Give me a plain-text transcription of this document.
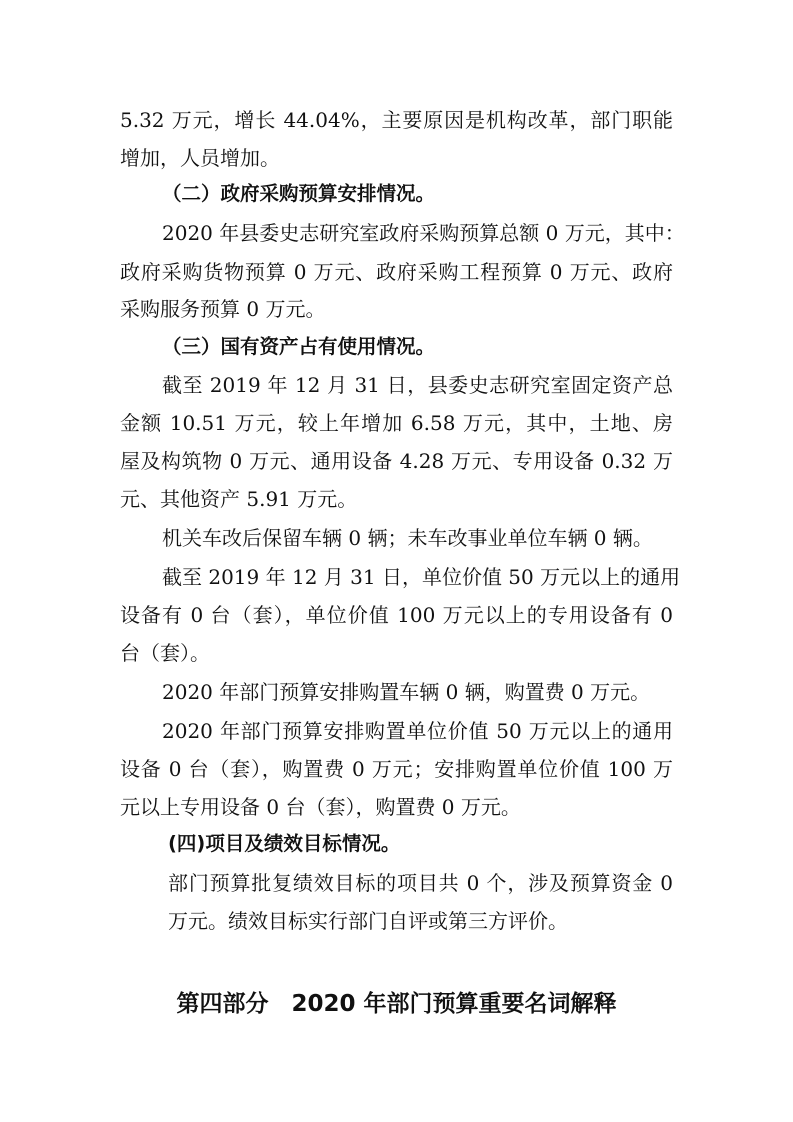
5.32 万元，增长 44.04%，主要原因是机构改革，部门职能
增加，人员增加。
（二）政府采购预算安排情况。
2020 年县委史志研究室政府采购预算总额 0 万元，其中：
政府采购货物预算 0 万元、政府采购工程预算 0 万元、政府
采购服务预算 0 万元。
（三）国有资产占有使用情况。
截至 2019 年 12 月 31 日，县委史志研究室固定资产总
金额 10.51 万元，较上年增加 6.58 万元，其中，土地、房
屋及构筑物 0 万元、通用设备 4.28 万元、专用设备 0.32 万
元、其他资产 5.91 万元。
机关车改后保留车辆 0 辆；未车改事业单位车辆 0 辆。
截至 2019 年 12 月 31 日，单位价值 50 万元以上的通用
设备有 0 台（套），单位价值 100 万元以上的专用设备有 0
台（套）。
2020 年部门预算安排购置车辆 0 辆，购置费 0 万元。
2020 年部门预算安排购置单位价值 50 万元以上的通用
设备 0 台（套），购置费 0 万元；安排购置单位价值 100 万
元以上专用设备 0 台（套），购置费 0 万元。
(四)项目及绩效目标情况。
部门预算批复绩效目标的项目共 0 个，涉及预算资金 0
万元。绩效目标实行部门自评或第三方评价。
第四部分　2020 年部门预算重要名词解释
